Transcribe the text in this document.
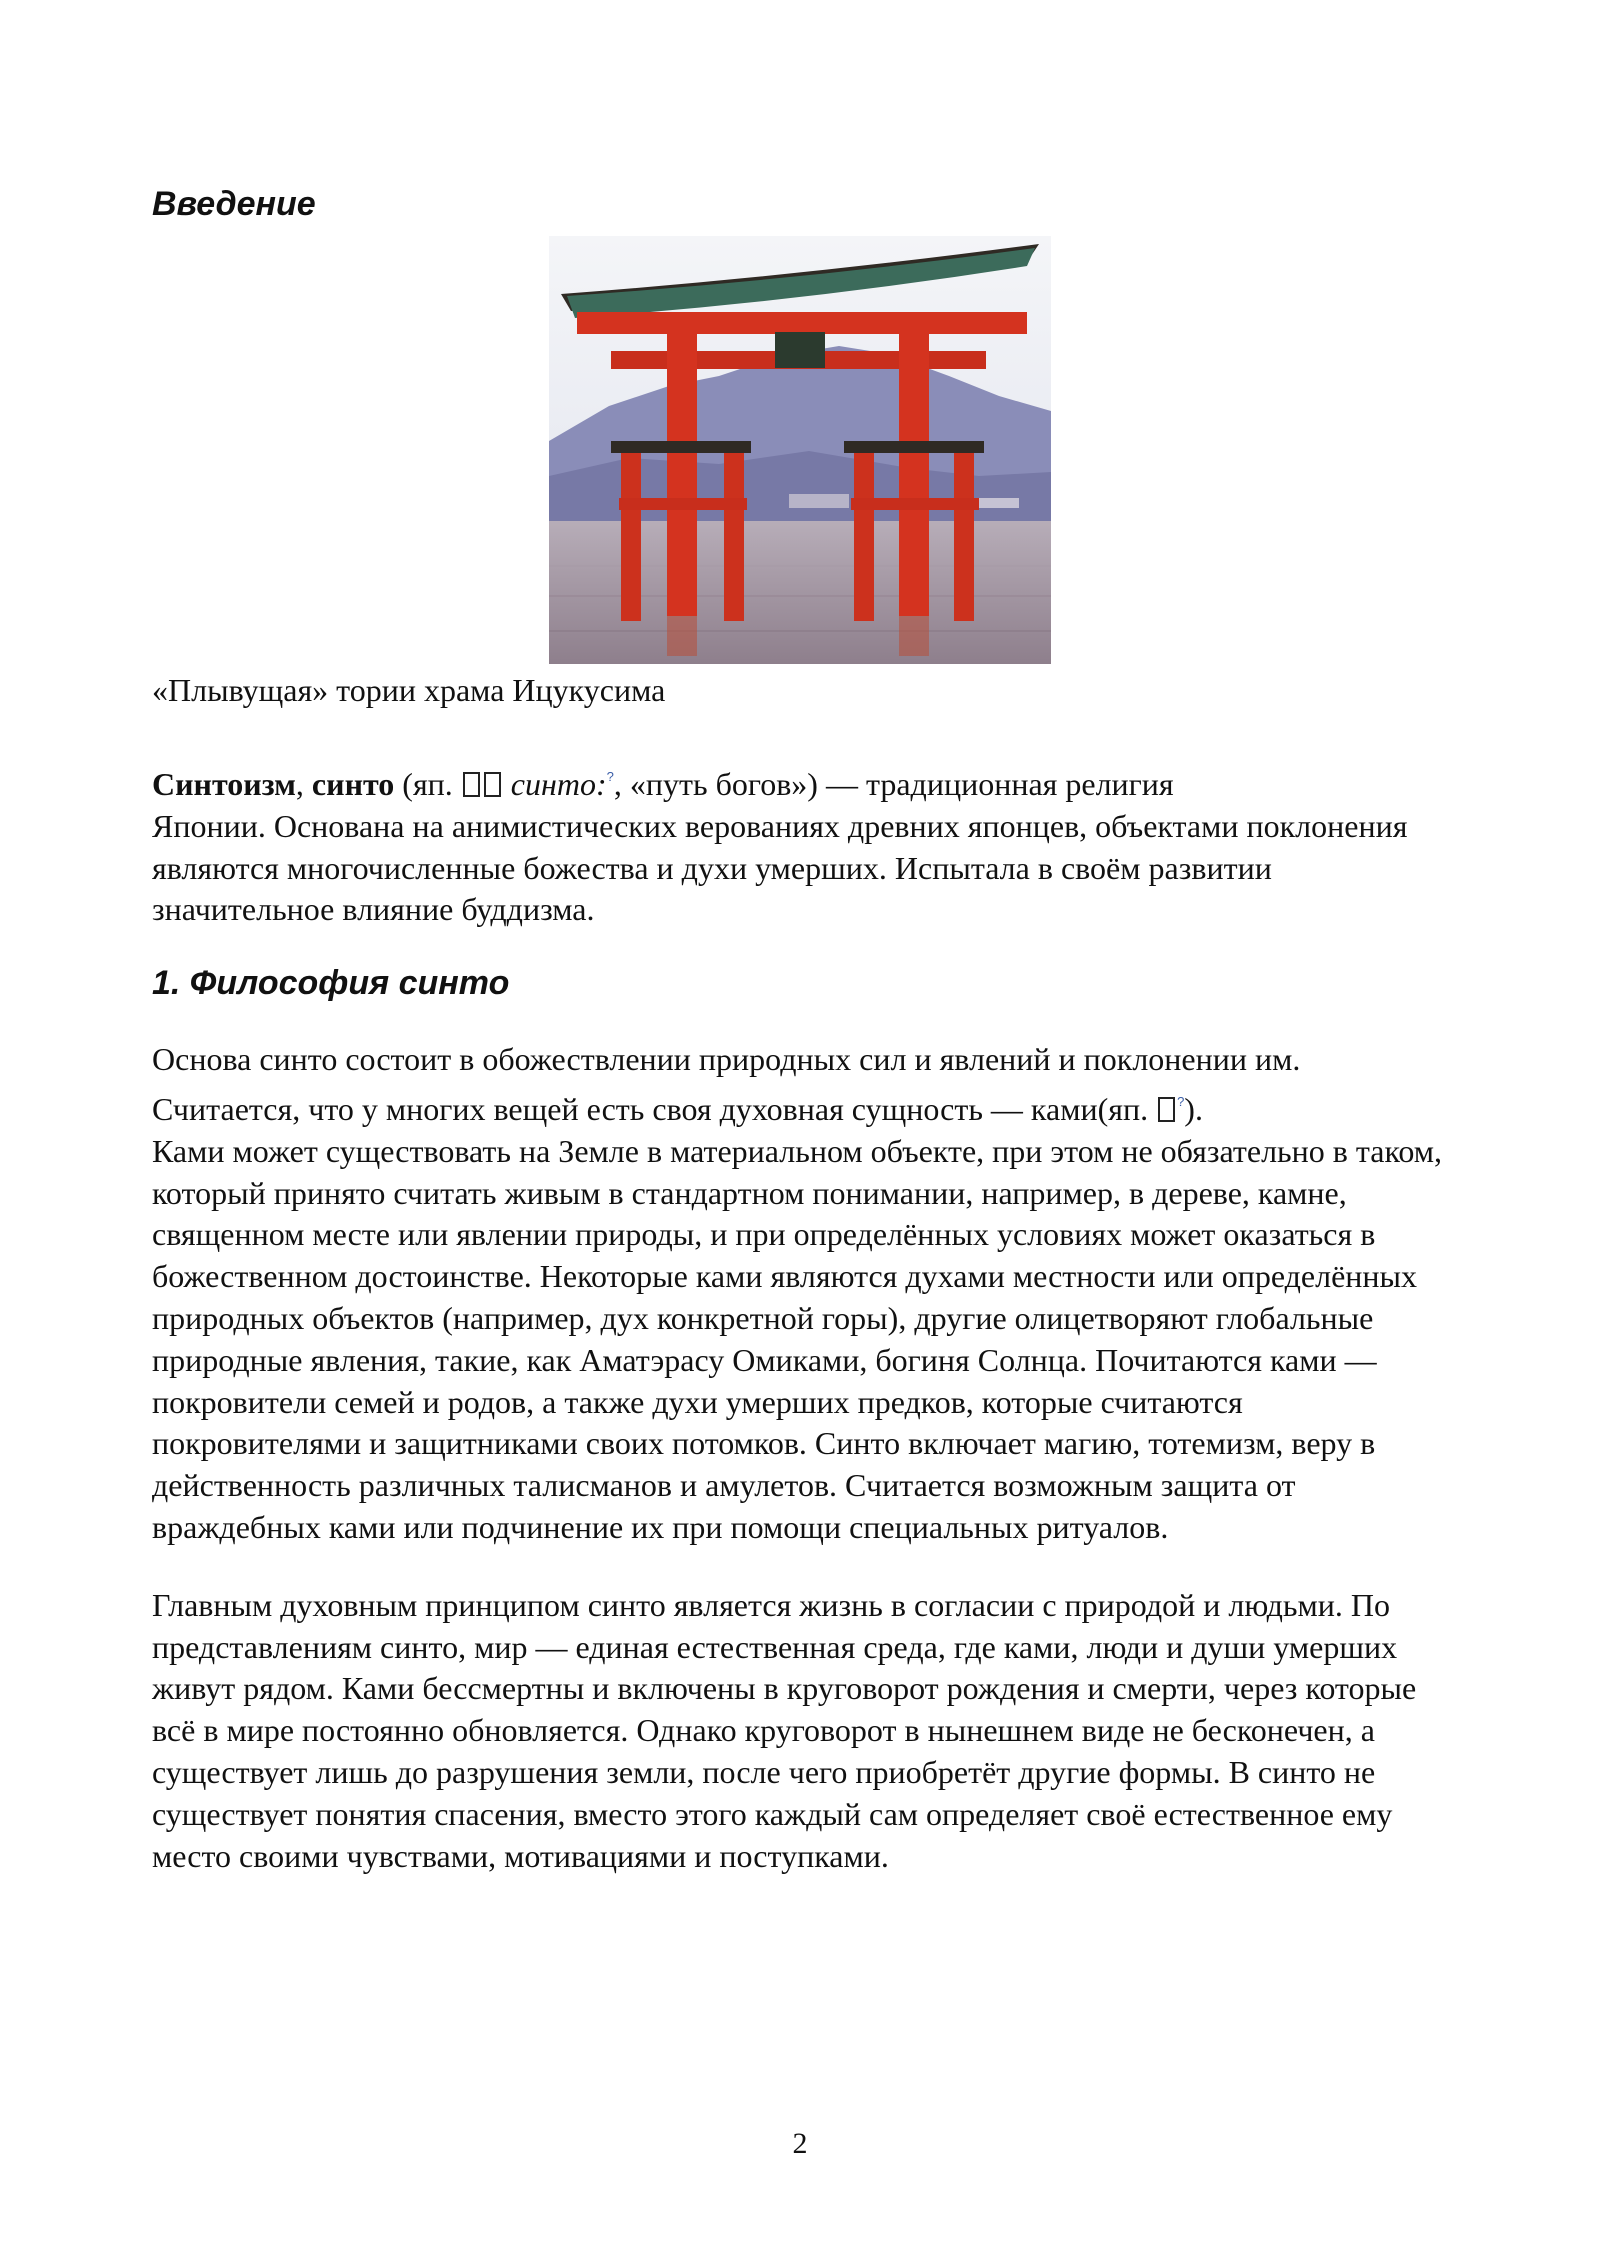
Введение
«Плывущая» тории храма Ицукусима

Синтоизм, синто (яп.  синто:?, «путь богов») — традиционная религия
Японии. Основана на анимистических верованиях древних японцев, объектами поклонения являются многочисленные божества и духи умерших. Испытала в своём развитии значительное влияние буддизма.

1. Философия синто

Основа синто состоит в обожествлении природных сил и явлений и поклонении им. Считается, что у многих вещей есть своя духовная сущность — ками(яп. ?).
Ками может существовать на Земле в материальном объекте, при этом не обязательно в таком, который принято считать живым в стандартном понимании, например, в дереве, камне, священном месте или явлении природы, и при определённых условиях может оказаться в божественном достоинстве. Некоторые ками являются духами местности или определённых природных объектов (например, дух конкретной горы), другие олицетворяют глобальные природные явления, такие, как Аматэрасу Омиками, богиня Солнца. Почитаются ками — покровители семей и родов, а также духи умерших предков, которые считаются покровителями и защитниками своих потомков. Синто включает магию, тотемизм, веру в действенность различных талисманов и амулетов. Считается возможным защита от враждебных ками или подчинение их при помощи специальных ритуалов.

Главным духовным принципом синто является жизнь в согласии с природой и людьми. По представлениям синто, мир — единая естественная среда, где ками, люди и души умерших живут рядом. Ками бессмертны и включены в круговорот рождения и смерти, через которые всё в мире постоянно обновляется. Однако круговорот в нынешнем виде не бесконечен, а существует лишь до разрушения земли, после чего приобретёт другие формы. В синто не существует понятия спасения, вместо этого каждый сам определяет своё естественное ему место своими чувствами, мотивациями и поступками.

2
